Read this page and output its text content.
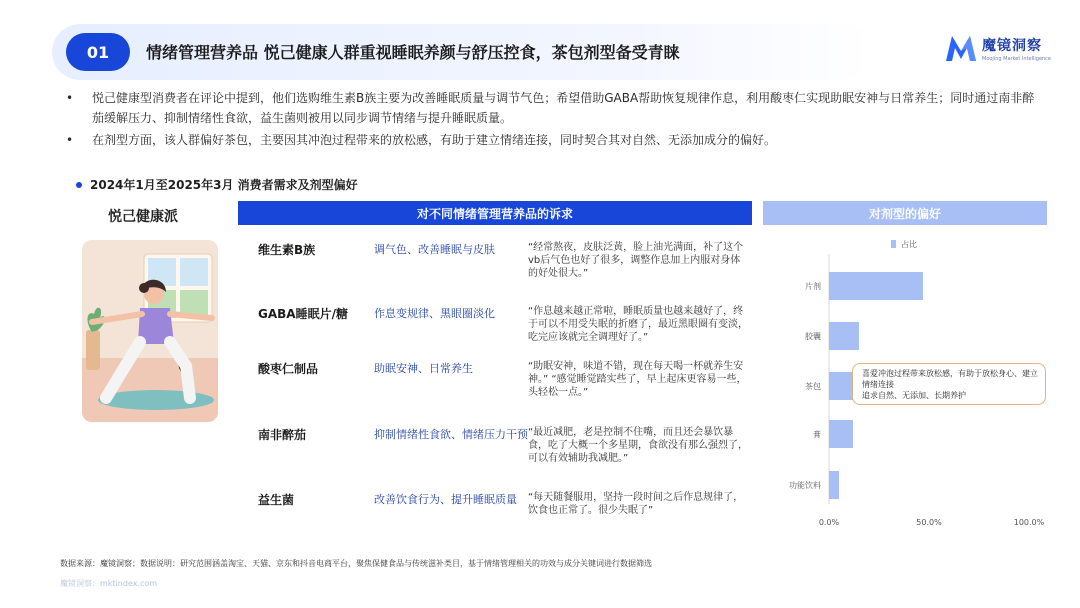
01	情绪管理营养品 悦己健康人群重视睡眠养颜与舒压控食，茶包剂型备受青睐	魔镜洞察
Moojing Market Intelligence
•	悦己健康型消费者在评论中提到，他们选购维生素B族主要为改善睡眠质量与调节气色；希望借助GABA帮助恢复规律作息，利用酸枣仁实现助眠安神与日常养生；同时通过南非醉茄缓解压力、抑制情绪性食欲，益生菌则被用以同步调节情绪与提升睡眠质量。
•	在剂型方面，该人群偏好茶包，主要因其冲泡过程带来的放松感，有助于建立情绪连接，同时契合其对自然、无添加成分的偏好。
2024年1月至2025年3月 消费者需求及剂型偏好
悦己健康派	对不同情绪管理营养品的诉求
维生素B族	调气色、改善睡眠与皮肤	“经常熬夜，皮肤泛黄，脸上油光满面，补了这个vb后气色也好了很多，调整作息加上内服对身体的好处很大。”
GABA睡眠片/糖 作息变规律、黑眼圈淡化	“作息越来越正常啦，睡眠质量也越来越好了，终于可以不用受失眠的折磨了，最近黑眼圈有变淡，吃完应该就完全调理好了。”
酸枣仁制品	助眠安神、日常养生	“助眠安神，味道不错，现在每天喝一杯就养生安神。” “感觉睡觉踏实些了，早上起床更容易一些，头轻松一点。”
南非醉茄	抑制情绪性食欲、情绪压力干预 “最近减肥，老是控制不住嘴，而且还会暴饮暴食，吃了大概一个多星期，食欲没有那么强烈了，可以有效辅助我减肥。”
益生菌	改善饮食行为、提升睡眠质量 “每天随餐服用，坚持一段时间之后作息规律了，饮食也正常了。很少失眠了”
对剂型的偏好
占比
片剂
胶囊
茶包
膏
功能饮料
0.0%	50.0%	100.0%
喜爱冲泡过程带来放松感，有助于放松身心、建立情绪连接
追求自然、无添加、长期养护
数据来源：魔镜洞察；数据说明：研究范围涵盖淘宝、天猫、京东和抖音电商平台，聚焦保健食品与传统滋补类目，基于情绪管理相关的功效与成分关键词进行数据筛选
魔镜洞察：mktindex.com
